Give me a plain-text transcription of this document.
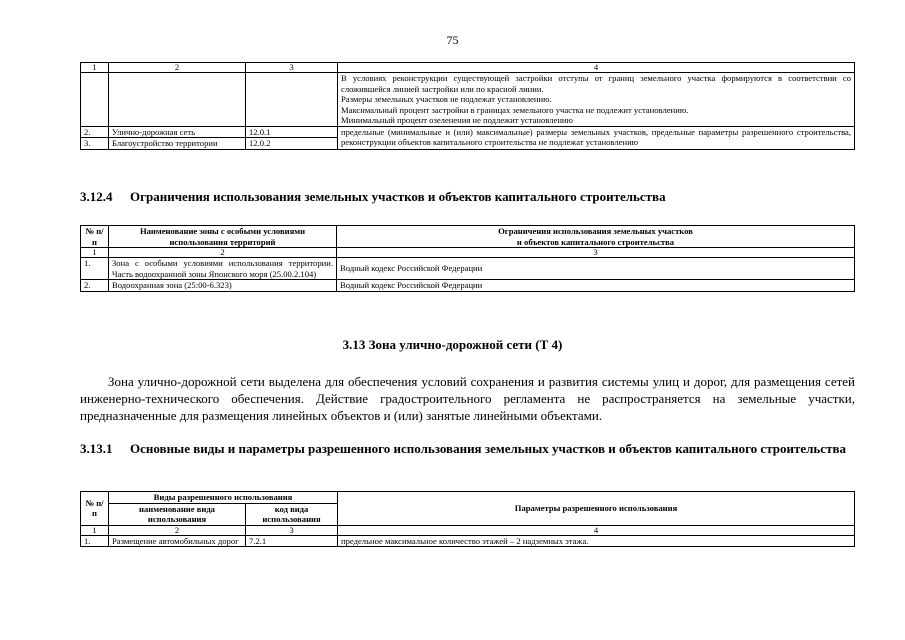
75
1	2	3	4

			В условиях реконструкции существующей застройки отступы от границ земельного участка формируются в соответствии со сложившейся линией застройки или по красной линии.
Размеры земельных участков не подлежат установлению.
Максимальный процент застройки в границах земельного участка не подлежит установлению.
Минимальный процент озеленения не подлежит установлению

2.	Улично-дорожная сеть	12.0.1	предельные (минимальные и (или) максимальные) размеры земельных участков, предельные параметры разрешенного строительства, реконструкции объектов капитального строительства не подлежат установлению
3.	Благоустройство территории	12.0.2	
3.12.4 Ограничения использования земельных участков и объектов капитального строительства
№ п/п	Наименование зоны с особыми условиями использования территорий	Ограничения использования земельных участков
и объектов капитального строительства

1	2	3
1.	Зона с особыми условиями использования территории. Часть водоохранной зоны Японского моря (25.00.2.104)	Водный кодекс Российской Федерации
2.	Водоохранная зона (25:00-6.323)	Водный кодекс Российской Федерации
3.13 Зона улично-дорожной сети (Т 4)

Зона улично-дорожной сети выделена для обеспечения условий сохранения и развития системы улиц и дорог, для размещения сетей инженерно-технического обеспечения. Действие градостроительного регламента не распространяется на земельные участки, предназначенные для размещения линейных объектов и (или) занятые линейными объектами.

3.13.1 Основные виды и параметры разрешенного использования земельных участков и объектов капитального строительства
№ п/п	Виды разрешенного использования		Параметры разрешенного использования
	наименование вида использования	код вида использования	
1	2	3	4
1.	Размещение автомобильных дорог	7.2.1	предельное максимальное количество этажей – 2 надземных этажа.
